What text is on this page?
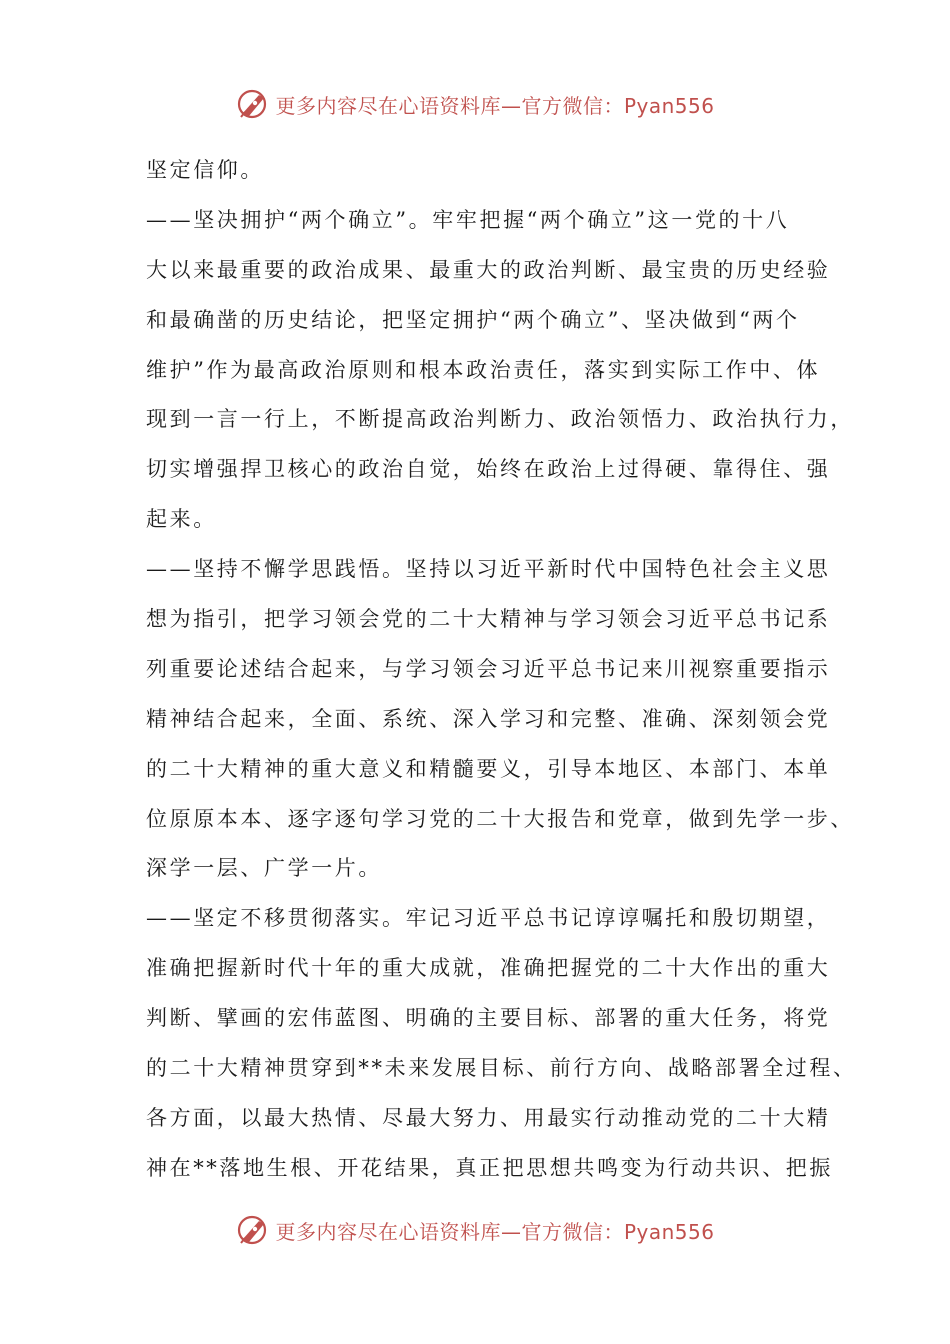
更多内容尽在心语资料库—官方微信：Pyan556
坚定信仰。
——坚决拥护“两个确立”。牢牢把握“两个确立”这一党的十八
大以来最重要的政治成果、最重大的政治判断、最宝贵的历史经验
和最确凿的历史结论，把坚定拥护“两个确立”、坚决做到“两个
维护”作为最高政治原则和根本政治责任，落实到实际工作中、体
现到一言一行上，不断提高政治判断力、政治领悟力、政治执行力，
切实增强捍卫核心的政治自觉，始终在政治上过得硬、靠得住、强
起来。
——坚持不懈学思践悟。坚持以习近平新时代中国特色社会主义思
想为指引，把学习领会党的二十大精神与学习领会习近平总书记系
列重要论述结合起来，与学习领会习近平总书记来川视察重要指示
精神结合起来，全面、系统、深入学习和完整、准确、深刻领会党
的二十大精神的重大意义和精髓要义，引导本地区、本部门、本单
位原原本本、逐字逐句学习党的二十大报告和党章，做到先学一步、
深学一层、广学一片。
——坚定不移贯彻落实。牢记习近平总书记谆谆嘱托和殷切期望，
准确把握新时代十年的重大成就，准确把握党的二十大作出的重大
判断、擘画的宏伟蓝图、明确的主要目标、部署的重大任务，将党
的二十大精神贯穿到**未来发展目标、前行方向、战略部署全过程、
各方面，以最大热情、尽最大努力、用最实行动推动党的二十大精
神在**落地生根、开花结果，真正把思想共鸣变为行动共识、把振
更多内容尽在心语资料库—官方微信：Pyan556
